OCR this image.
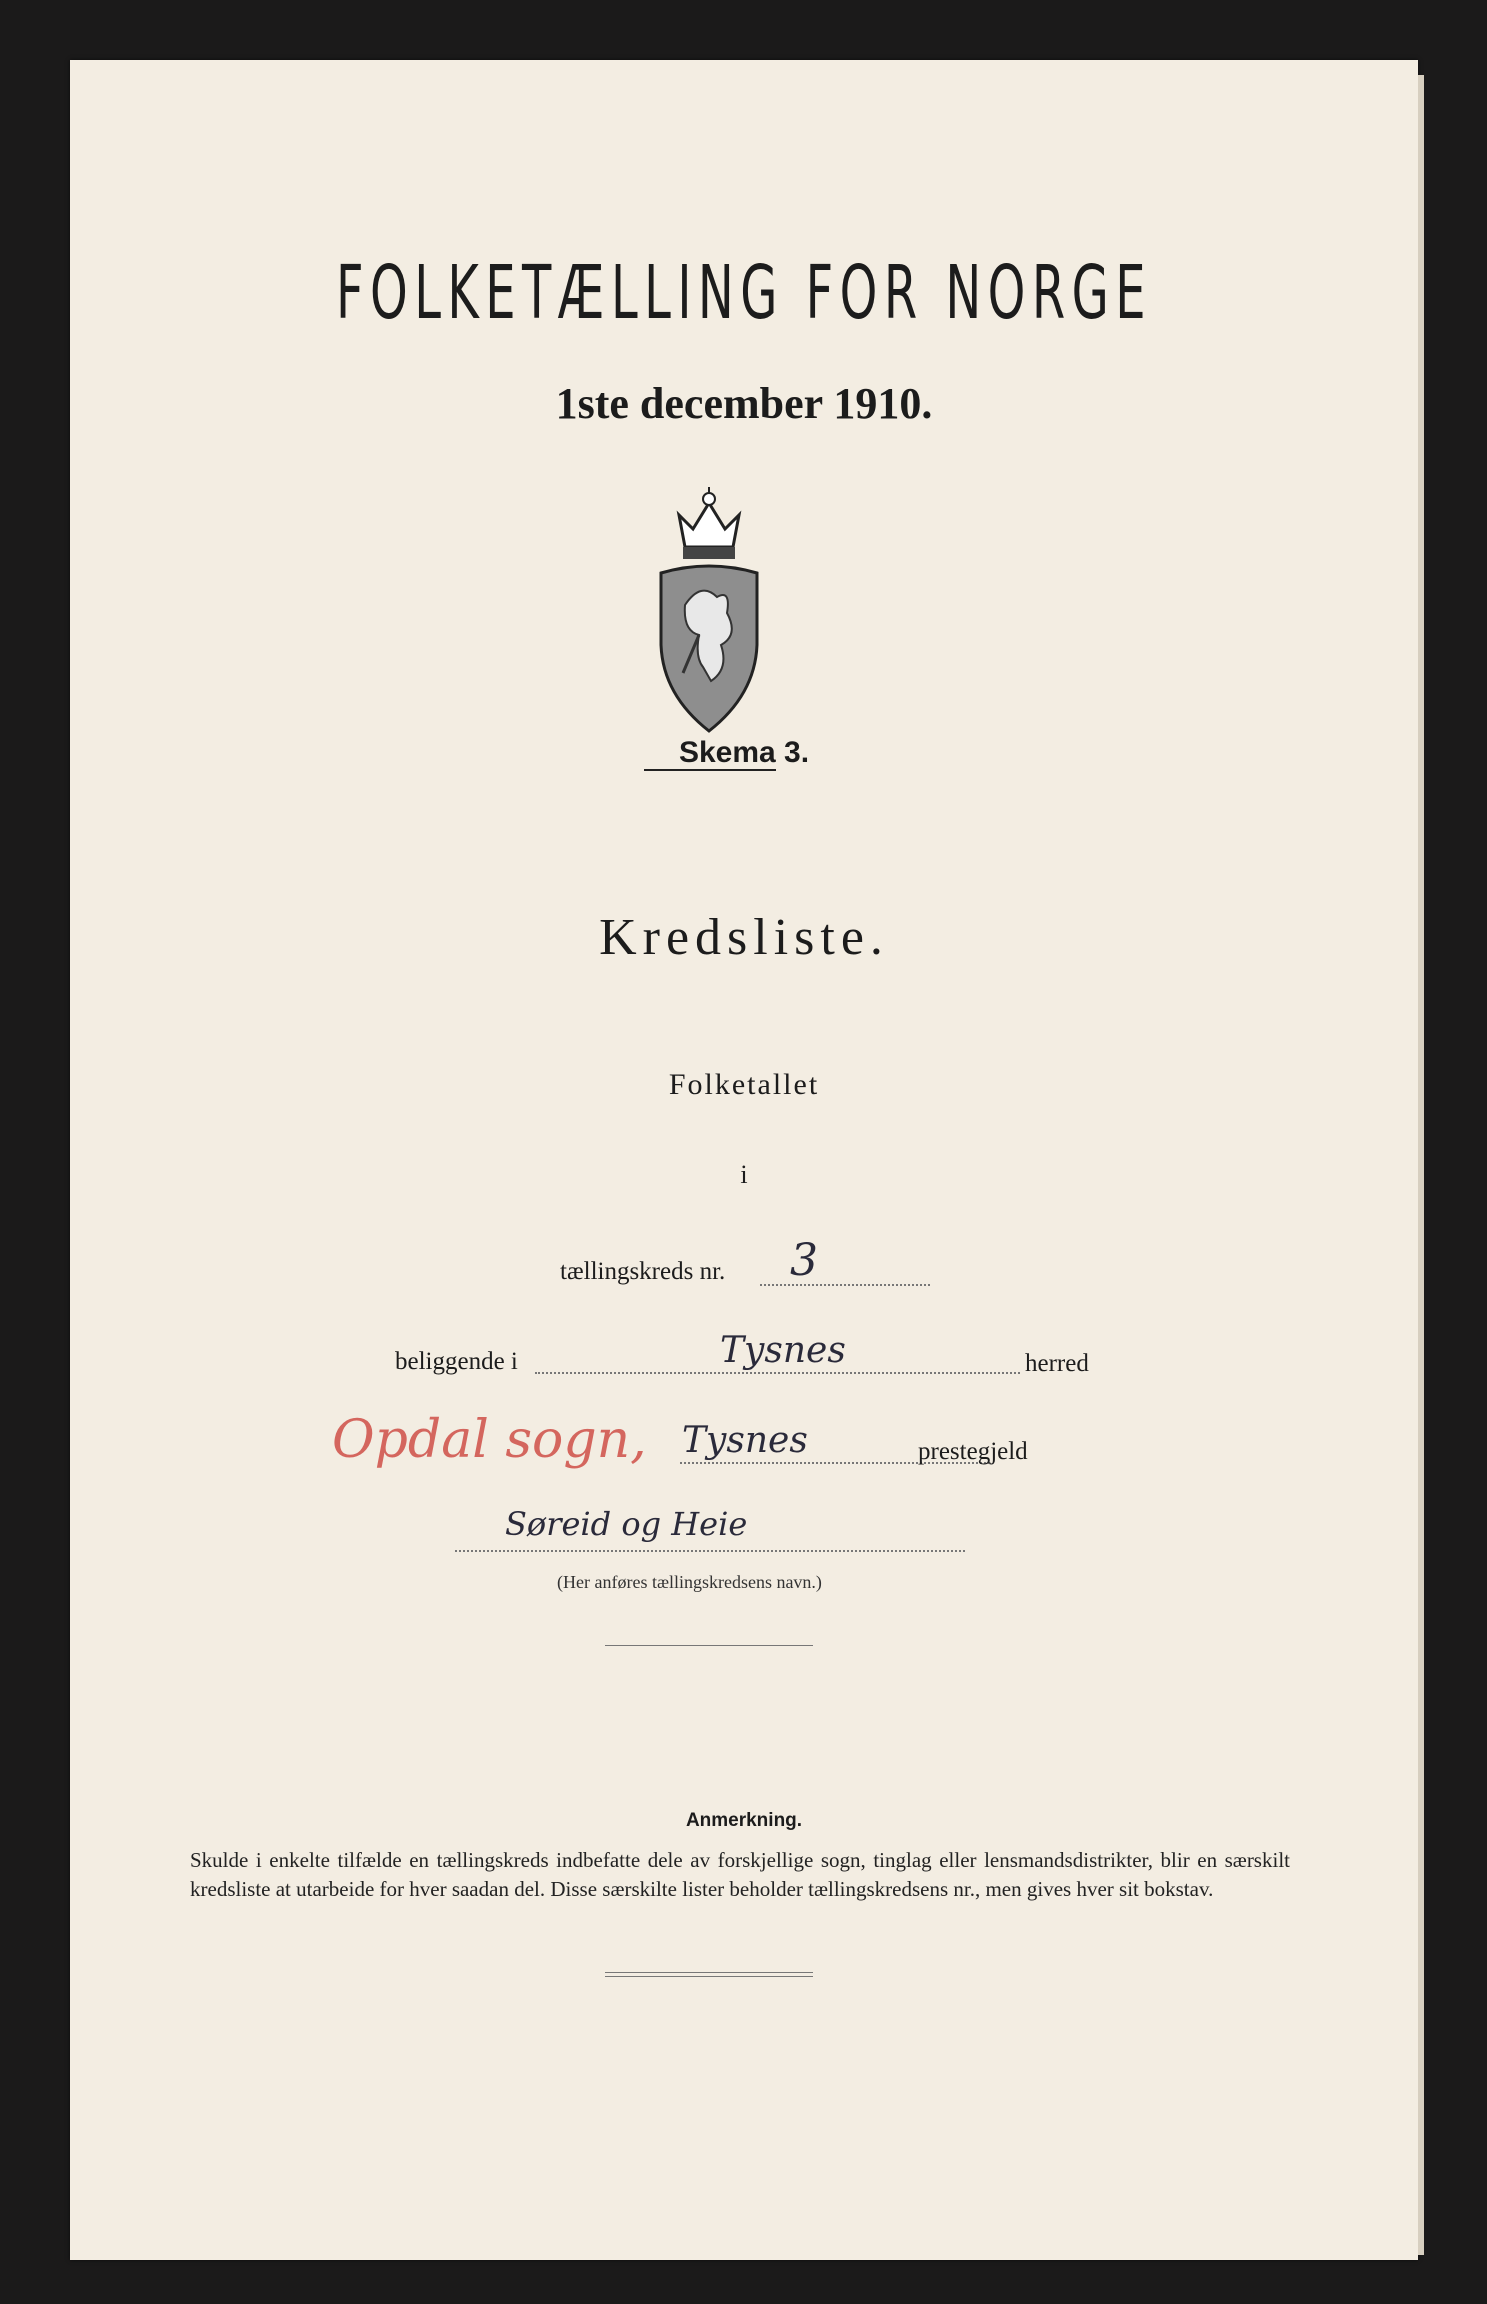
FOLKETÆLLING FOR NORGE
1ste december 1910.
Skema 3.
Kredsliste.
Folketallet
i
tællingskreds nr. 3
beliggende i	Tysnes	herred
Opdal sogn, Tysnes	prestegjeld
Søreid og Heie
(Her anføres tællingskredsens navn.)
Anmerkning.
Skulde i enkelte tilfælde en tællingskreds indbefatte dele av forskjellige sogn, tinglag eller lensmandsdistrikter, blir en særskilt kredsliste at utarbeide for hver saadan del. Disse særskilte lister beholder tællingskredsens nr., men gives hver sit bokstav.
